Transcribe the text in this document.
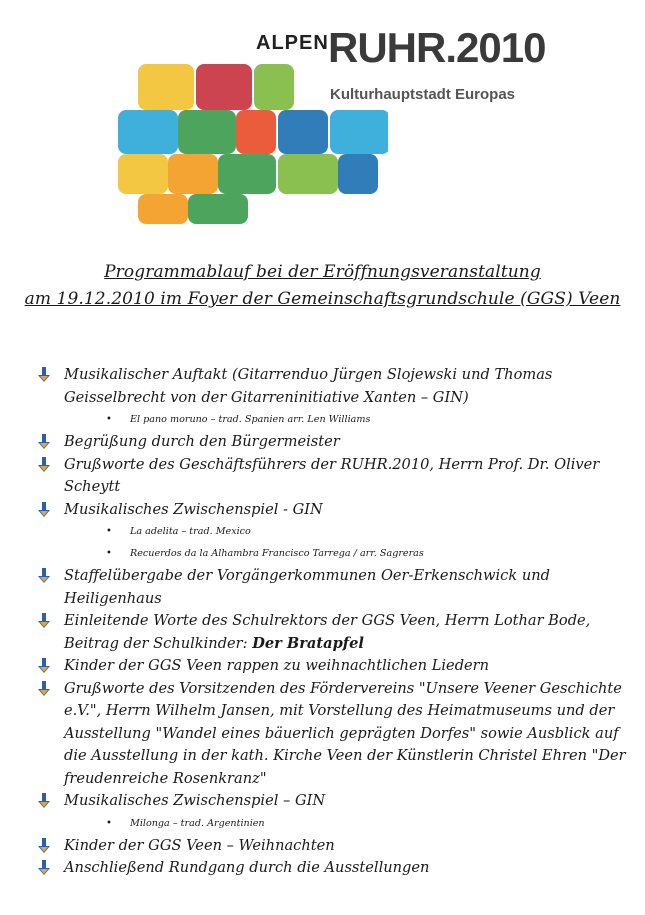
ALPEN RUHR.2010
Kulturhauptstadt Europas
Programmablauf bei der Eröffnungsveranstaltung
am 19.12.2010 im Foyer der Gemeinschaftsgrundschule (GGS) Veen
Musikalischer Auftakt (Gitarrenduo Jürgen Slojewski und Thomas Geisselbrecht von der Gitarreninitiative Xanten – GIN)
• El pano moruno – trad. Spanien arr. Len Williams
Begrüßung durch den Bürgermeister
Grußworte des Geschäftsführers der RUHR.2010, Herrn Prof. Dr. Oliver Scheytt
Musikalisches Zwischenspiel - GIN
• La adelita – trad. Mexico
• Recuerdos da la Alhambra Francisco Tarrega / arr. Sagreras
Staffelübergabe der Vorgängerkommunen Oer-Erkenschwick und Heiligenhaus
Einleitende Worte des Schulrektors der GGS Veen, Herrn Lothar Bode, Beitrag der Schulkinder: Der Bratapfel
Kinder der GGS Veen rappen zu weihnachtlichen Liedern
Grußworte des Vorsitzenden des Fördervereins "Unsere Veener Geschichte e.V.", Herrn Wilhelm Jansen, mit Vorstellung des Heimatmuseums und der Ausstellung "Wandel eines bäuerlich geprägten Dorfes" sowie Ausblick auf die Ausstellung in der kath. Kirche Veen der Künstlerin Christel Ehren "Der freudenreiche Rosenkranz"
Musikalisches Zwischenspiel – GIN
• Milonga – trad. Argentinien
Kinder der GGS Veen – Weihnachten
Anschließend Rundgang durch die Ausstellungen
